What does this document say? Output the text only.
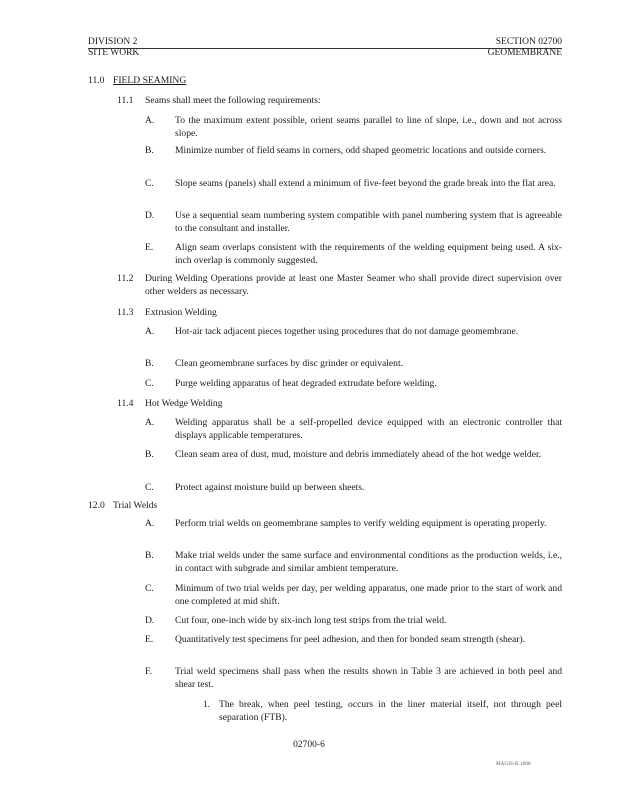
DIVISION 2	SECTION 02700
SITE WORK	GEOMEMBRANE
11.0 FIELD SEAMING
11.1 Seams shall meet the following requirements:
A. To the maximum extent possible, orient seams parallel to line of slope, i.e., down and not across slope.
B. Minimize number of field seams in corners, odd shaped geometric locations and outside corners.
C. Slope seams (panels) shall extend a minimum of five-feet beyond the grade break into the flat area.
D. Use a sequential seam numbering system compatible with panel numbering system that is agreeable to the consultant and installer.
E. Align seam overlaps consistent with the requirements of the welding equipment being used. A six-inch overlap is commonly suggested.
11.2 During Welding Operations provide at least one Master Seamer who shall provide direct supervision over other welders as necessary.
11.3 Extrusion Welding
A. Hot-air tack adjacent pieces together using procedures that do not damage geomembrane.
B. Clean geomembrane surfaces by disc grinder or equivalent.
C. Purge welding apparatus of heat degraded extrudate before welding.
11.4 Hot Wedge Welding
A. Welding apparatus shall be a self-propelled device equipped with an electronic controller that displays applicable temperatures.
B. Clean seam area of dust, mud, moisture and debris immediately ahead of the hot wedge welder.
C. Protect against moisture build up between sheets.
12.0 Trial Welds
A. Perform trial welds on geomembrane samples to verify welding equipment is operating properly.
B. Make trial welds under the same surface and environmental conditions as the production welds, i.e., in contact with subgrade and similar ambient temperature.
C. Minimum of two trial welds per day, per welding apparatus, one made prior to the start of work and one completed at mid shift.
D. Cut four, one-inch wide by six-inch long test strips from the trial weld.
E. Quantitatively test specimens for peel adhesion, and then for bonded seam strength (shear).
F. Trial weld specimens shall pass when the results shown in Table 3 are achieved in both peel and shear test.
1. The break, when peel testing, occurs in the liner material itself, not through peel separation (FTB).
02700-6
MAGIS-B.1808
